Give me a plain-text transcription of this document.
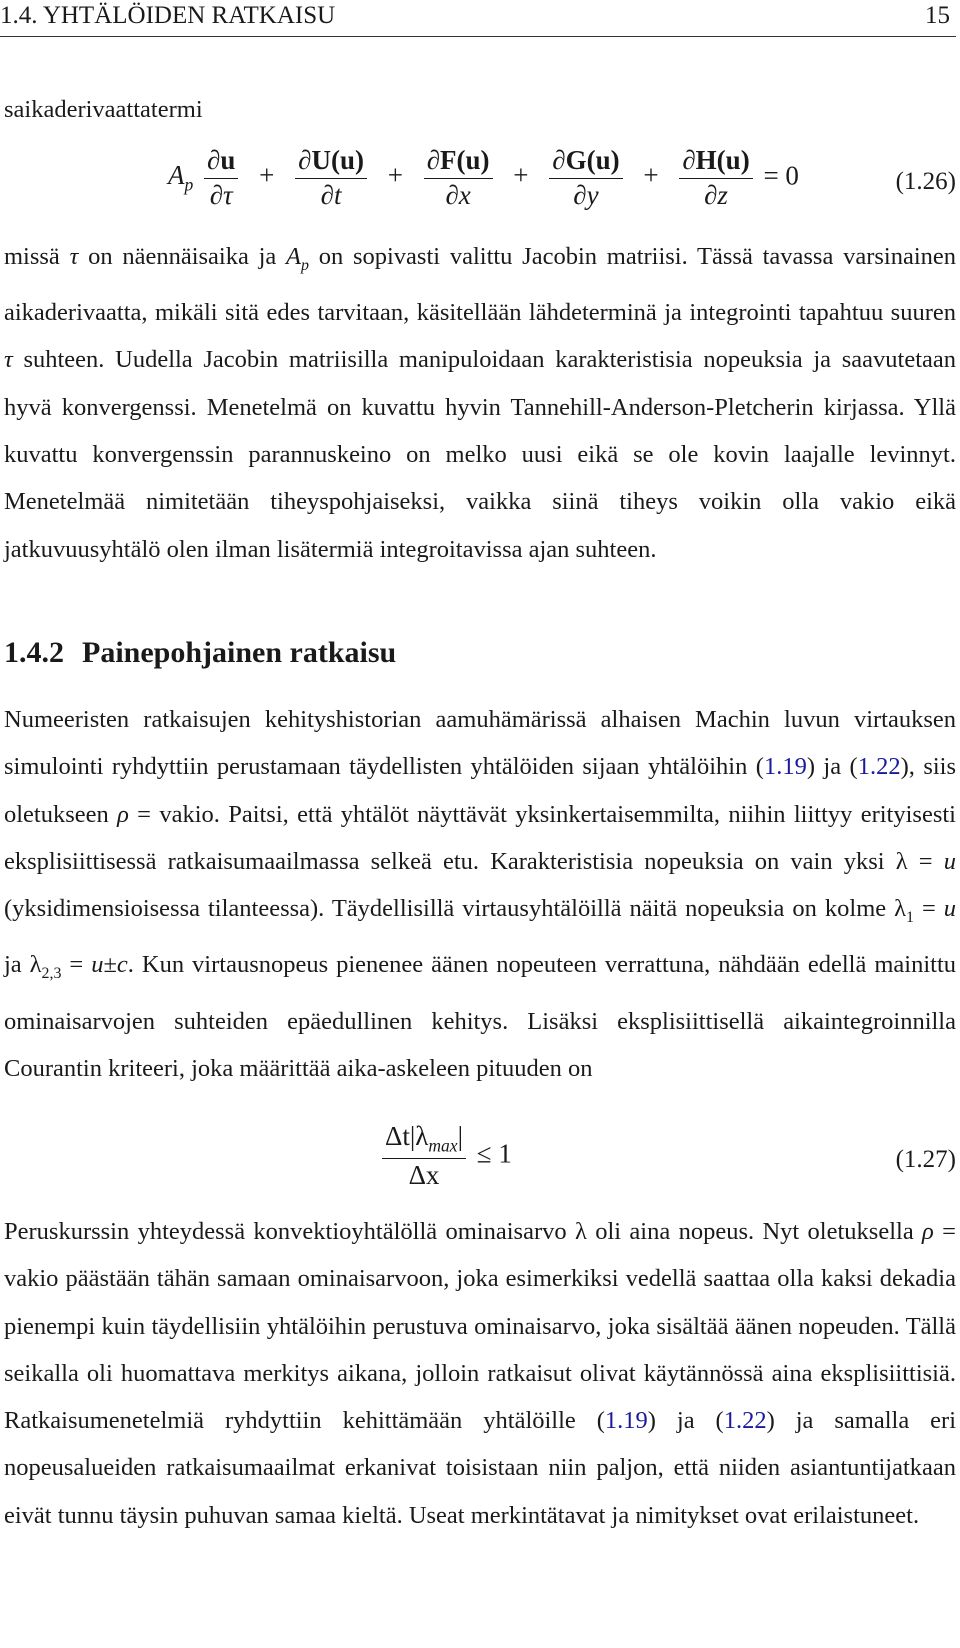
1.4. YHTÄLÖIDEN RATKAISU	15

saikaderivaattatermi

$A_p \frac{\partial u}{\partial\tau} + \frac{\partial U(u)}{\partial t} + \frac{\partial F(u)}{\partial x} + \frac{\partial G(u)}{\partial y} + \frac{\partial H(u)}{\partial z} = 0$	(1.26)

missä τ on näennäisaika ja $A_p$ on sopivasti valittu Jacobin matriisi. Tässä tavassa varsinainen aikaderivaatta, mikäli sitä edes tarvitaan, käsitellään lähdeterminä ja integrointi tapahtuu suuren τ suhteen. Uudella Jacobin matriisilla manipuloidaan karakteristisia nopeuksia ja saavutetaan hyvä konvergenssi. Menetelmä on kuvattu hyvin Tannehill-Anderson-Pletcherin kirjassa. Yllä kuvattu konvergenssin parannuskeino on melko uusi eikä se ole kovin laajalle levinnyt. Menetelmää nimitetään tiheyspohjaiseksi, vaikka siinä tiheys voikin olla vakio eikä jatkuvuusyhtälö olen ilman lisätermiä integroitavissa ajan suhteen.

1.4.2 Painepohjainen ratkaisu

Numeeristen ratkaisujen kehityshistorian aamuhämärissä alhaisen Machin luvun virtauksen simulointi ryhdyttiin perustamaan täydellisten yhtälöiden sijaan yhtälöihin (1.19) ja (1.22), siis oletukseen ρ = vakio. Paitsi, että yhtälöt näyttävät yksinkertaisemmilta, niihin liittyy erityisesti eksplisiittisessä ratkaisumaailmassa selkeä etu. Karakteristisia nopeuksia on vain yksi λ = u (yksidimensioisessa tilanteessa). Täydellisillä virtausyhtälöillä näitä nopeuksia on kolme $\lambda_1 = u$ ja $\lambda_{2,3} = u\pm c$. Kun virtausnopeus pienenee äänen nopeuteen verrattuna, nähdään edellä mainittu ominaisarvojen suhteiden epäedullinen kehitys. Lisäksi eksplisiittisellä aikaintegroinnilla Courantin kriteeri, joka määrittää aika-askeleen pituuden on

$\frac{\Delta t|\lambda_{max}|}{\Delta x} \le 1$	(1.27)

Peruskurssin yhteydessä konvektioyhtälöllä ominaisarvo λ oli aina nopeus. Nyt oletuksella ρ = vakio päästään tähän samaan ominaisarvoon, joka esimerkiksi vedellä saattaa olla kaksi dekadia pienempi kuin täydellisiin yhtälöihin perustuva ominaisarvo, joka sisältää äänen nopeuden. Tällä seikalla oli huomattava merkitys aikana, jolloin ratkaisut olivat käytännössä aina eksplisiittisiä. Ratkaisumenetelmiä ryhdyttiin kehittämään yhtälöille (1.19) ja (1.22) ja samalla eri nopeusalueiden ratkaisumaailmat erkanivat toisistaan niin paljon, että niiden asiantuntijatkaan eivät tunnu täysin puhuvan samaa kieltä. Useat merkintätavat ja nimitykset ovat erilaistuneet.
